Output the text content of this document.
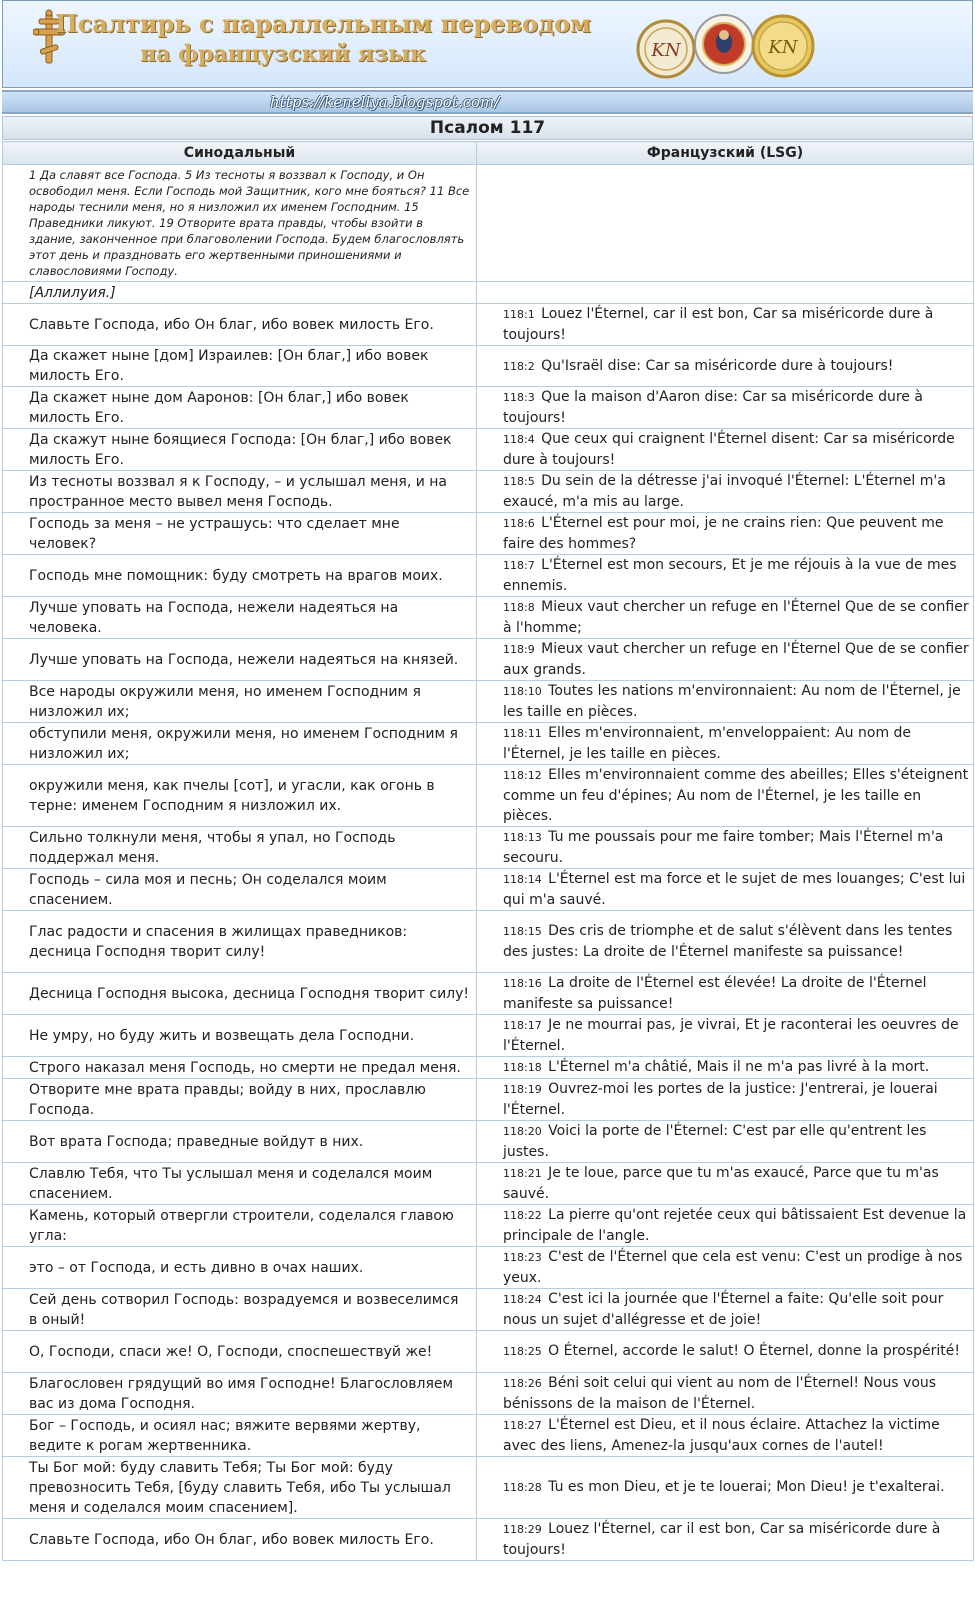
Псалтирь с параллельным переводом
на французский язык	KN	KN
https://kenellya.blogspot.com/
Псалом 117
Синодальный	Французский (LSG)
1 Да славят все Господа. 5 Из тесноты я воззвал к Господу, и Он освободил меня. Если Господь мой Защитник, кого мне бояться? 11 Все народы теснили меня, но я низложил их именем Господним. 15 Праведники ликуют. 19 Отворите врата правды, чтобы взойти в здание, законченное при благоволении Господа. Будем благословлять этот день и праздновать его жертвенными приношениями и славословиями Господу.	
[Аллилуия.]	
Славьте Господа, ибо Он благ, ибо вовек милость Его.	118:1 Louez l'Éternel, car il est bon, Car sa miséricorde dure à toujours!
Да скажет ныне [дом] Израилев: [Он благ,] ибо вовек милость Его.	118:2 Qu'Israël dise: Car sa miséricorde dure à toujours!
Да скажет ныне дом Ааронов: [Он благ,] ибо вовек милость Его.	118:3 Que la maison d'Aaron dise: Car sa miséricorde dure à toujours!
Да скажут ныне боящиеся Господа: [Он благ,] ибо вовек милость Его.	118:4 Que ceux qui craignent l'Éternel disent: Car sa miséricorde dure à toujours!
Из тесноты воззвал я к Господу, – и услышал меня, и на пространное место вывел меня Господь.	118:5 Du sein de la détresse j'ai invoqué l'Éternel: L'Éternel m'a exaucé, m'a mis au large.
Господь за меня – не устрашусь: что сделает мне человек?	118:6 L'Éternel est pour moi, je ne crains rien: Que peuvent me faire des hommes?
Господь мне помощник: буду смотреть на врагов моих.	118:7 L'Éternel est mon secours, Et je me réjouis à la vue de mes ennemis.
Лучше уповать на Господа, нежели надеяться на человека.	118:8 Mieux vaut chercher un refuge en l'Éternel Que de se confier à l'homme;
Лучше уповать на Господа, нежели надеяться на князей.	118:9 Mieux vaut chercher un refuge en l'Éternel Que de se confier aux grands.
Все народы окружили меня, но именем Господним я низложил их;	118:10 Toutes les nations m'environnaient: Au nom de l'Éternel, je les taille en pièces.
обступили меня, окружили меня, но именем Господним я низложил их;	118:11 Elles m'environnaient, m'enveloppaient: Au nom de l'Éternel, je les taille en pièces.
окружили меня, как пчелы [сот], и угасли, как огонь в терне: именем Господним я низложил их.	118:12 Elles m'environnaient comme des abeilles; Elles s'éteignent comme un feu d'épines; Au nom de l'Éternel, je les taille en pièces.
Сильно толкнули меня, чтобы я упал, но Господь поддержал меня.	118:13 Tu me poussais pour me faire tomber; Mais l'Éternel m'a secouru.
Господь – сила моя и песнь; Он соделался моим спасением.	118:14 L'Éternel est ma force et le sujet de mes louanges; C'est lui qui m'a sauvé.
Глас радости и спасения в жилищах праведников: десница Господня творит силу!	118:15 Des cris de triomphe et de salut s'élèvent dans les tentes des justes: La droite de l'Éternel manifeste sa puissance!
Десница Господня высока, десница Господня творит силу!	118:16 La droite de l'Éternel est élevée! La droite de l'Éternel manifeste sa puissance!
Не умру, но буду жить и возвещать дела Господни.	118:17 Je ne mourrai pas, je vivrai, Et je raconterai les oeuvres de l'Éternel.
Строго наказал меня Господь, но смерти не предал меня.	118:18 L'Éternel m'a châtié, Mais il ne m'a pas livré à la mort.
Отворите мне врата правды; войду в них, прославлю Господа.	118:19 Ouvrez-moi les portes de la justice: J'entrerai, je louerai l'Éternel.
Вот врата Господа; праведные войдут в них.	118:20 Voici la porte de l'Éternel: C'est par elle qu'entrent les justes.
Славлю Тебя, что Ты услышал меня и соделался моим спасением.	118:21 Je te loue, parce que tu m'as exaucé, Parce que tu m'as sauvé.
Камень, который отвергли строители, соделался главою угла:	118:22 La pierre qu'ont rejetée ceux qui bâtissaient Est devenue la principale de l'angle.
это – от Господа, и есть дивно в очах наших.	118:23 C'est de l'Éternel que cela est venu: C'est un prodige à nos yeux.
Сей день сотворил Господь: возрадуемся и возвеселимся в оный!	118:24 C'est ici la journée que l'Éternel a faite: Qu'elle soit pour nous un sujet d'allégresse et de joie!
О, Господи, спаси же! О, Господи, споспешествуй же!	118:25 O Éternel, accorde le salut! O Éternel, donne la prospérité!
Благословен грядущий во имя Господне! Благословляем вас из дома Господня.	118:26 Béni soit celui qui vient au nom de l'Éternel! Nous vous bénissons de la maison de l'Éternel.
Бог – Господь, и осиял нас; вяжите вервями жертву, ведите к рогам жертвенника.	118:27 L'Éternel est Dieu, et il nous éclaire. Attachez la victime avec des liens, Amenez-la jusqu'aux cornes de l'autel!
Ты Бог мой: буду славить Тебя; Ты Бог мой: буду превозносить Тебя, [буду славить Тебя, ибо Ты услышал меня и соделался моим спасением].	118:28 Tu es mon Dieu, et je te louerai; Mon Dieu! je t'exalterai.
Славьте Господа, ибо Он благ, ибо вовек милость Его.	118:29 Louez l'Éternel, car il est bon, Car sa miséricorde dure à toujours!
